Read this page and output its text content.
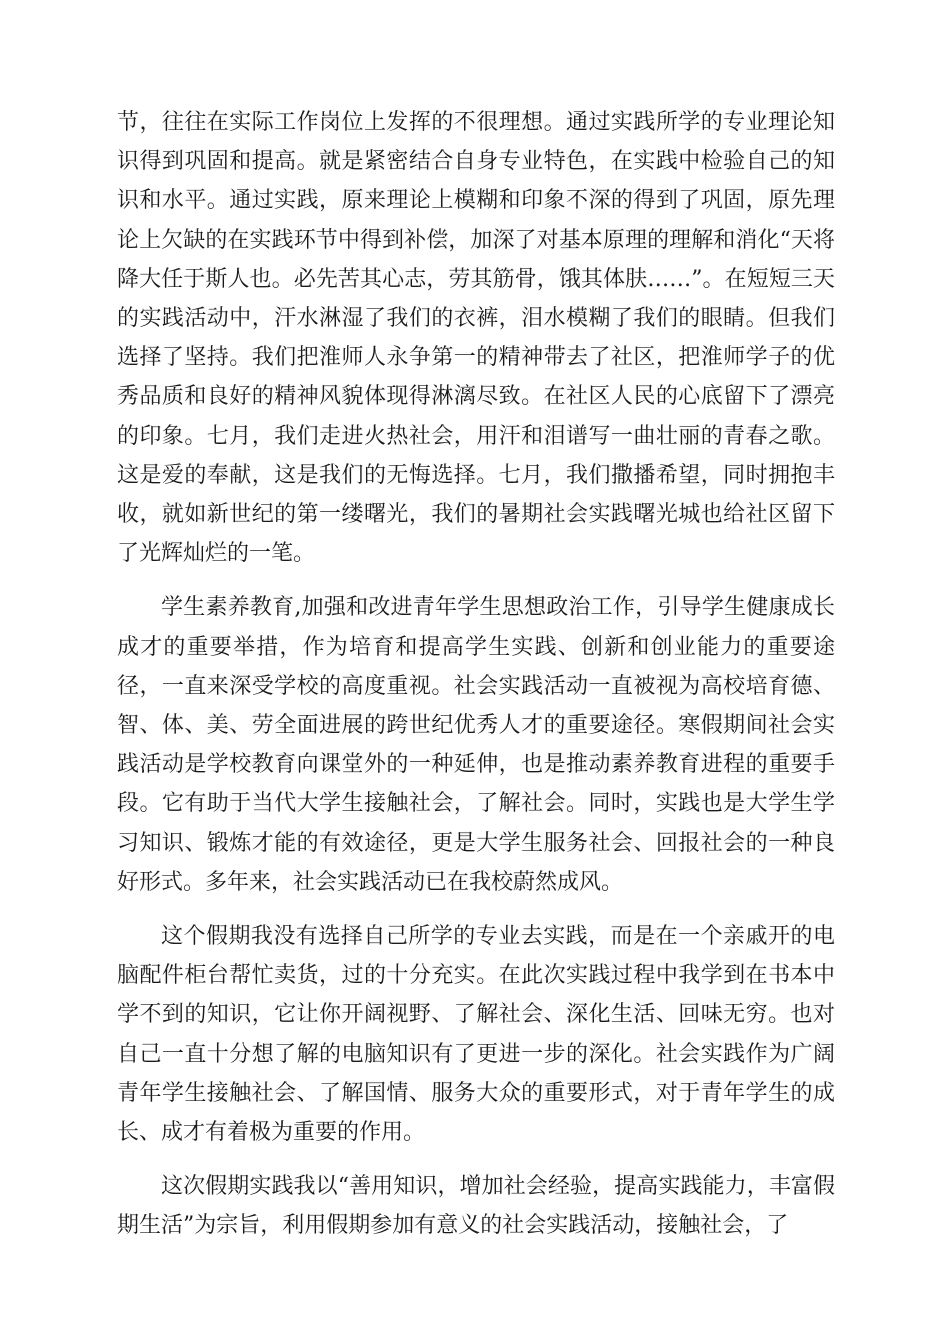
节，往往在实际工作岗位上发挥的不很理想。通过实践所学的专业理论知识得到巩固和提高。就是紧密结合自身专业特色，在实践中检验自己的知识和水平。通过实践，原来理论上模糊和印象不深的得到了巩固，原先理论上欠缺的在实践环节中得到补偿，加深了对基本原理的理解和消化“天将降大任于斯人也。必先苦其心志，劳其筋骨，饿其体肤……”。在短短三天的实践活动中，汗水淋湿了我们的衣裤，泪水模糊了我们的眼睛。但我们选择了坚持。我们把淮师人永争第一的精神带去了社区，把淮师学子的优秀品质和良好的精神风貌体现得淋漓尽致。在社区人民的心底留下了漂亮的印象。七月，我们走进火热社会，用汗和泪谱写一曲壮丽的青春之歌。这是爱的奉献，这是我们的无悔选择。七月，我们撒播希望，同时拥抱丰收，就如新世纪的第一缕曙光，我们的暑期社会实践曙光城也给社区留下了光辉灿烂的一笔。

学生素养教育,加强和改进青年学生思想政治工作，引导学生健康成长成才的重要举措，作为培育和提高学生实践、创新和创业能力的重要途径，一直来深受学校的高度重视。社会实践活动一直被视为高校培育德、智、体、美、劳全面进展的跨世纪优秀人才的重要途径。寒假期间社会实践活动是学校教育向课堂外的一种延伸，也是推动素养教育进程的重要手段。它有助于当代大学生接触社会，了解社会。同时，实践也是大学生学习知识、锻炼才能的有效途径，更是大学生服务社会、回报社会的一种良好形式。多年来，社会实践活动已在我校蔚然成风。

这个假期我没有选择自己所学的专业去实践，而是在一个亲戚开的电脑配件柜台帮忙卖货，过的十分充实。在此次实践过程中我学到在书本中学不到的知识，它让你开阔视野、了解社会、深化生活、回味无穷。也对自己一直十分想了解的电脑知识有了更进一步的深化。社会实践作为广阔青年学生接触社会、了解国情、服务大众的重要形式，对于青年学生的成长、成才有着极为重要的作用。

这次假期实践我以“善用知识，增加社会经验，提高实践能力，丰富假期生活”为宗旨，利用假期参加有意义的社会实践活动，接触社会，了
